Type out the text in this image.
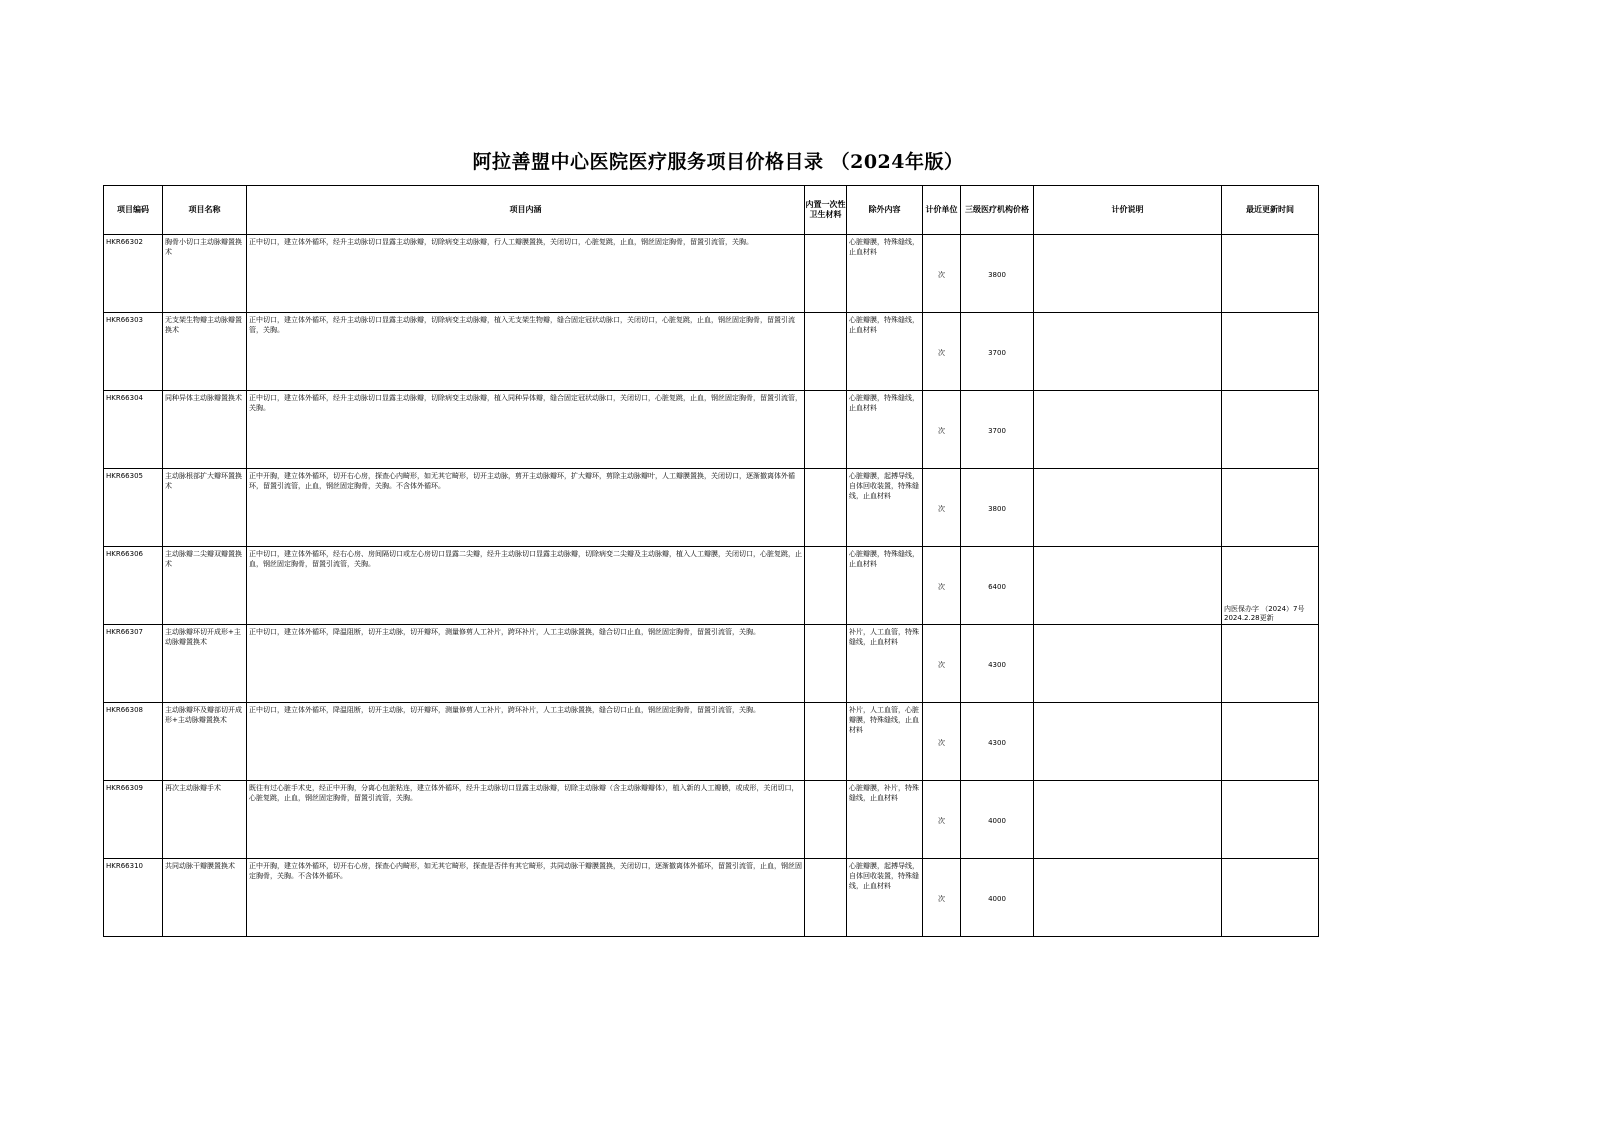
阿拉善盟中心医院医疗服务项目价格目录 （2024年版）
项目编码	项目名称	项目内涵	内置一次性卫生材料	除外内容	计价单位	三级医疗机构价格	计价说明	最近更新时间

HKR66302	胸骨小切口主动脉瓣置换术	正中切口，建立体外循环，经升主动脉切口显露主动脉瓣，切除病变主动脉瓣，行人工瓣膜置换，关闭切口，心脏复跳，止血，钢丝固定胸骨，留置引流管，关胸。		心脏瓣膜，特殊缝线，止血材料	次	3800		

HKR66303	无支架生物瓣主动脉瓣置换术	正中切口，建立体外循环，经升主动脉切口显露主动脉瓣，切除病变主动脉瓣，植入无支架生物瓣，缝合固定冠状动脉口，关闭切口，心脏复跳，止血，钢丝固定胸骨，留置引流管，关胸。		心脏瓣膜，特殊缝线，止血材料	次	3700		

HKR66304	同种异体主动脉瓣置换术	正中切口，建立体外循环，经升主动脉切口显露主动脉瓣，切除病变主动脉瓣，植入同种异体瓣，缝合固定冠状动脉口，关闭切口，心脏复跳，止血，钢丝固定胸骨，留置引流管，关胸。		心脏瓣膜，特殊缝线，止血材料	次	3700		

HKR66305	主动脉根部扩大瓣环置换术	正中开胸，建立体外循环，切开右心房，探查心内畸形，如无其它畸形，切开主动脉，剪开主动脉瓣环，扩大瓣环，剪除主动脉瓣叶，人工瓣膜置换，关闭切口，逐渐撤离体外循环，留置引流管，止血，钢丝固定胸骨，关胸。不含体外循环。		心脏瓣膜，起搏导线，自体回收装置，特殊缝线，止血材料	次	3800		

HKR66306	主动脉瓣二尖瓣双瓣置换术	正中切口，建立体外循环，经右心房、房间隔切口或左心房切口显露二尖瓣，经升主动脉切口显露主动脉瓣，切除病变二尖瓣及主动脉瓣，植入人工瓣膜，关闭切口，心脏复跳，止血，钢丝固定胸骨，留置引流管，关胸。		心脏瓣膜，特殊缝线，止血材料	次	6400		内医保办字 （2024）7号 2024.2.28更新

HKR66307	主动脉瓣环切开成形+主动脉瓣置换术	正中切口，建立体外循环，降温阻断，切开主动脉，切开瓣环，测量修剪人工补片，跨环补片，人工主动脉置换，缝合切口止血，钢丝固定胸骨，留置引流管，关胸。		补片，人工血管，特殊缝线，止血材料	次	4300		

HKR66308	主动脉瓣环及瓣部切开成形+主动脉瓣置换术	正中切口，建立体外循环，降温阻断，切开主动脉，切开瓣环，测量修剪人工补片，跨环补片，人工主动脉置换，缝合切口止血，钢丝固定胸骨，留置引流管，关胸。		补片，人工血管，心脏瓣膜，特殊缝线，止血材料	次	4300		

HKR66309	再次主动脉瓣手术	既往有过心脏手术史，经正中开胸，分离心包脏粘连，建立体外循环，经升主动脉切口显露主动脉瓣，切除主动脉瓣（含主动脉瓣瓣体），植入新的人工瓣膜，或成形，关闭切口，心脏复跳，止血，钢丝固定胸骨，留置引流管，关胸。		心脏瓣膜，补片，特殊缝线，止血材料	次	4000		

HKR66310	共同动脉干瓣膜置换术	正中开胸，建立体外循环，切开右心房，探查心内畸形，如无其它畸形，探查是否伴有其它畸形，共同动脉干瓣膜置换，关闭切口，逐渐撤离体外循环，留置引流管，止血，钢丝固定胸骨，关胸。不含体外循环。		心脏瓣膜，起搏导线，自体回收装置，特殊缝线，止血材料	次	4000		
